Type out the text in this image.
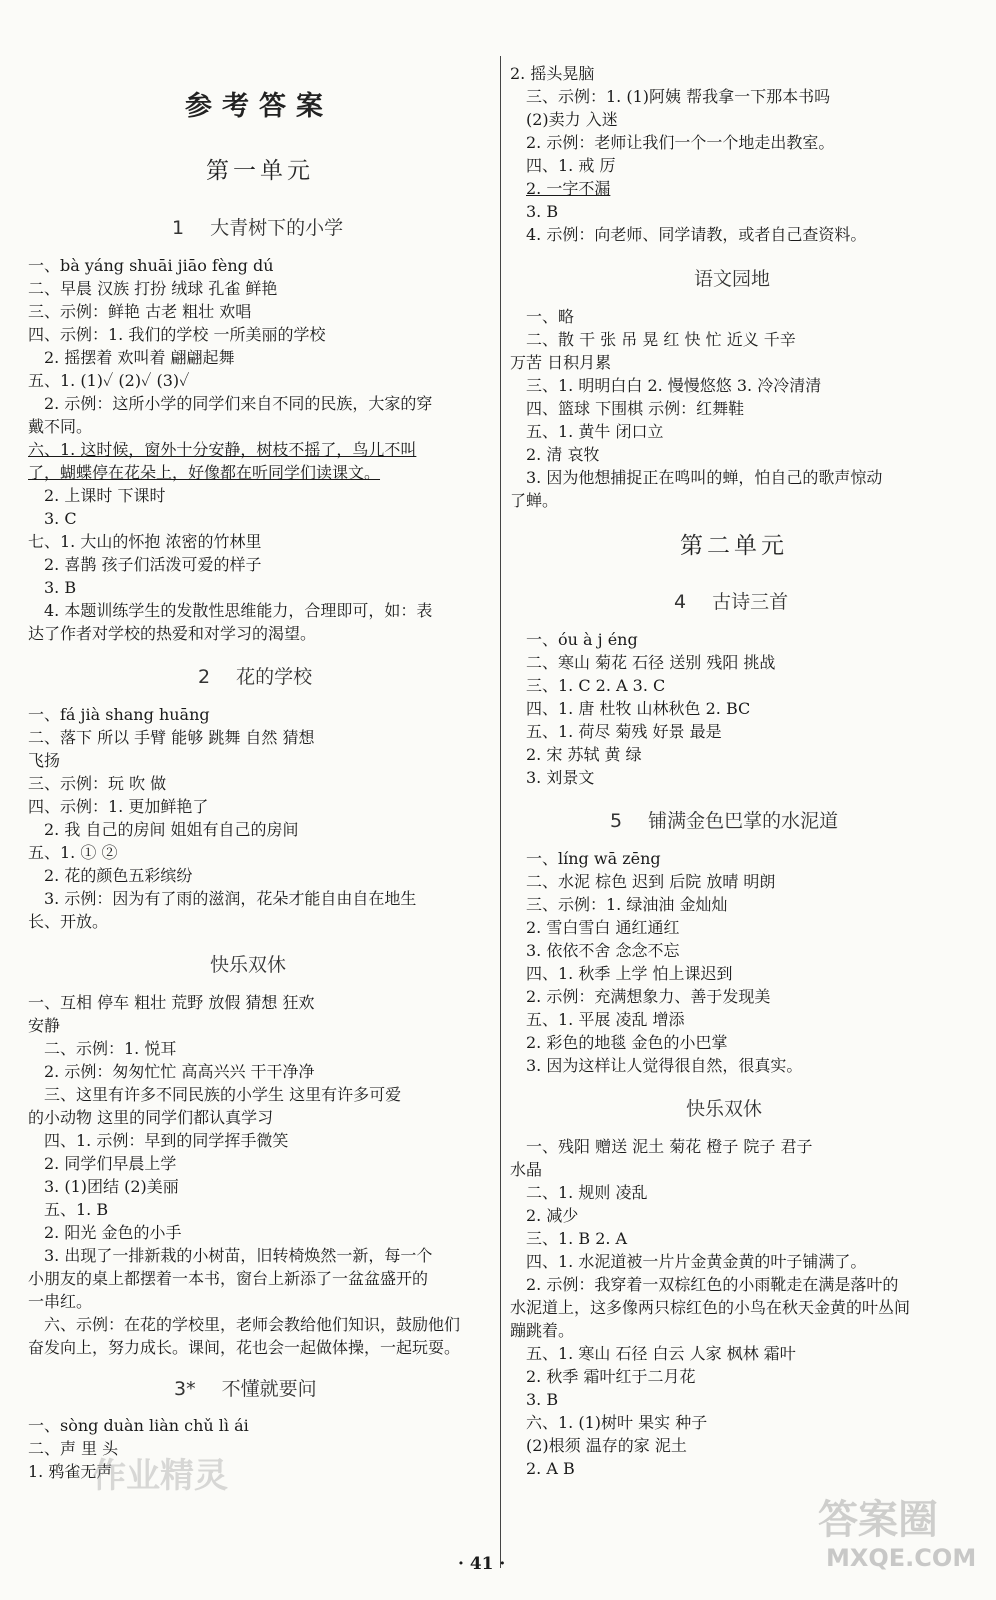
参考答案
第一单元
1 大青树下的小学
一、bà yáng shuāi jiāo fèng dú
二、早晨 汉族 打扮 绒球 孔雀 鲜艳
三、示例：鲜艳 古老 粗壮 欢唱
四、示例：1. 我们的学校 一所美丽的学校
2. 摇摆着 欢叫着 翩翩起舞
五、1. (1)✓ (2)✓ (3)✓
2. 示例：这所小学的同学们来自不同的民族，大家的穿
戴不同。
六、1. 这时候，窗外十分安静，树枝不摇了，鸟儿不叫
了，蝴蝶停在花朵上，好像都在听同学们读课文。
2. 上课时 下课时
3. C
七、1. 大山的怀抱 浓密的竹林里
2. 喜鹊 孩子们活泼可爱的样子
3. B
4. 本题训练学生的发散性思维能力，合理即可，如：表
达了作者对学校的热爱和对学习的渴望。
2 花的学校
一、fá jià shang huāng
二、落下 所以 手臂 能够 跳舞 自然 猜想
飞扬
三、示例：玩 吹 做
四、示例：1. 更加鲜艳了
2. 我 自己的房间 姐姐有自己的房间
五、1. ① ②
2. 花的颜色五彩缤纷
3. 示例：因为有了雨的滋润，花朵才能自由自在地生
长、开放。
快乐双休
一、互相 停车 粗壮 荒野 放假 猜想 狂欢
安静
二、示例：1. 悦耳
2. 示例：匆匆忙忙 高高兴兴 干干净净
三、这里有许多不同民族的小学生 这里有许多可爱
的小动物 这里的同学们都认真学习
四、1. 示例：早到的同学挥手微笑
2. 同学们早晨上学
3. (1)团结 (2)美丽
五、1. B
2. 阳光 金色的小手
3. 出现了一排新栽的小树苗，旧转椅焕然一新，每一个
小朋友的桌上都摆着一本书，窗台上新添了一盆盆盛开的
一串红。
六、示例：在花的学校里，老师会教给他们知识，鼓励他们
奋发向上，努力成长。课间，花也会一起做体操，一起玩耍。
3* 不懂就要问
一、sòng duàn liàn chǔ lì ái
二、声 里 头
1. 鸦雀无声
2. 摇头晃脑
三、示例：1. (1)阿姨 帮我拿一下那本书吗
(2)卖力 入迷
2. 示例：老师让我们一个一个地走出教室。
四、1. 戒 厉
2. 一字不漏
3. B
4. 示例：向老师、同学请教，或者自己查资料。
语文园地
一、略
二、散 干 张 吊 晃 红 快 忙 近义 千辛
万苦 日积月累
三、1. 明明白白 2. 慢慢悠悠 3. 冷冷清清
四、篮球 下围棋 示例：红舞鞋
五、1. 黄牛 闭口立
2. 清 哀牧
3. 因为他想捕捉正在鸣叫的蝉，怕自己的歌声惊动
了蝉。
第二单元
4 古诗三首
一、óu à j éng
二、寒山 菊花 石径 送别 残阳 挑战
三、1. C 2. A 3. C
四、1. 唐 杜牧 山林秋色 2. BC
五、1. 荷尽 菊残 好景 最是
2. 宋 苏轼 黄 绿
3. 刘景文
5 铺满金色巴掌的水泥道
一、líng wā zēng
二、水泥 棕色 迟到 后院 放晴 明朗
三、示例：1. 绿油油 金灿灿
2. 雪白雪白 通红通红
3. 依依不舍 念念不忘
四、1. 秋季 上学 怕上课迟到
2. 示例：充满想象力、善于发现美
五、1. 平展 凌乱 增添
2. 彩色的地毯 金色的小巴掌
3. 因为这样让人觉得很自然，很真实。
快乐双休
一、残阳 赠送 泥土 菊花 橙子 院子 君子
水晶
二、1. 规则 凌乱
2. 减少
三、1. B 2. A
四、1. 水泥道被一片片金黄金黄的叶子铺满了。
2. 示例：我穿着一双棕红色的小雨靴走在满是落叶的
水泥道上，这多像两只棕红色的小鸟在秋天金黄的叶丛间
蹦跳着。
五、1. 寒山 石径 白云 人家 枫林 霜叶
2. 秋季 霜叶红于二月花
3. B
六、1. (1)树叶 果实 种子
(2)根须 温存的家 泥土
2. A B
· 41 ·
作业精灵
答案圈
MXQE.COM
